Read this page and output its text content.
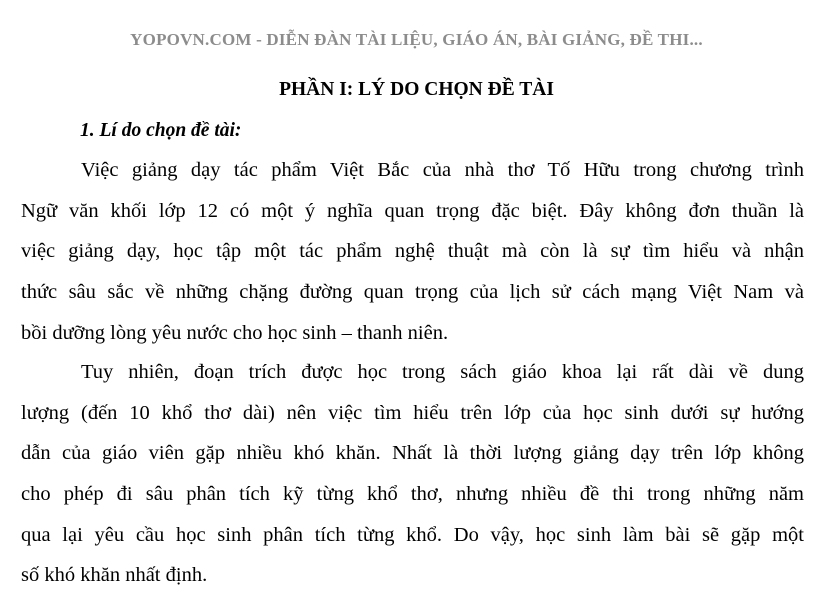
YOPOVN.COM - DIỄN ĐÀN TÀI LIỆU, GIÁO ÁN, BÀI GIẢNG, ĐỀ THI...
PHẦN I: LÝ DO CHỌN ĐỀ TÀI
1. Lí do chọn đề tài:
Việc giảng dạy tác phẩm Việt Bắc của nhà thơ Tố Hữu trong chương trình
Ngữ văn khối lớp 12 có một ý nghĩa quan trọng đặc biệt. Đây không đơn thuần là
việc giảng dạy, học tập một tác phẩm nghệ thuật mà còn là sự tìm hiểu và nhận
thức sâu sắc về những chặng đường quan trọng của lịch sử cách mạng Việt Nam và
bồi dưỡng lòng yêu nước cho học sinh – thanh niên.
Tuy nhiên, đoạn trích được học trong sách giáo khoa lại rất dài về dung
lượng (đến 10 khổ thơ dài) nên việc tìm hiểu trên lớp của học sinh dưới sự hướng
dẫn của giáo viên gặp nhiều khó khăn. Nhất là thời lượng giảng dạy trên lớp không
cho phép đi sâu phân tích kỹ từng khổ thơ, nhưng nhiều đề thi trong những năm
qua lại yêu cầu học sinh phân tích từng khổ. Do vậy, học sinh làm bài sẽ gặp một
số khó khăn nhất định.
